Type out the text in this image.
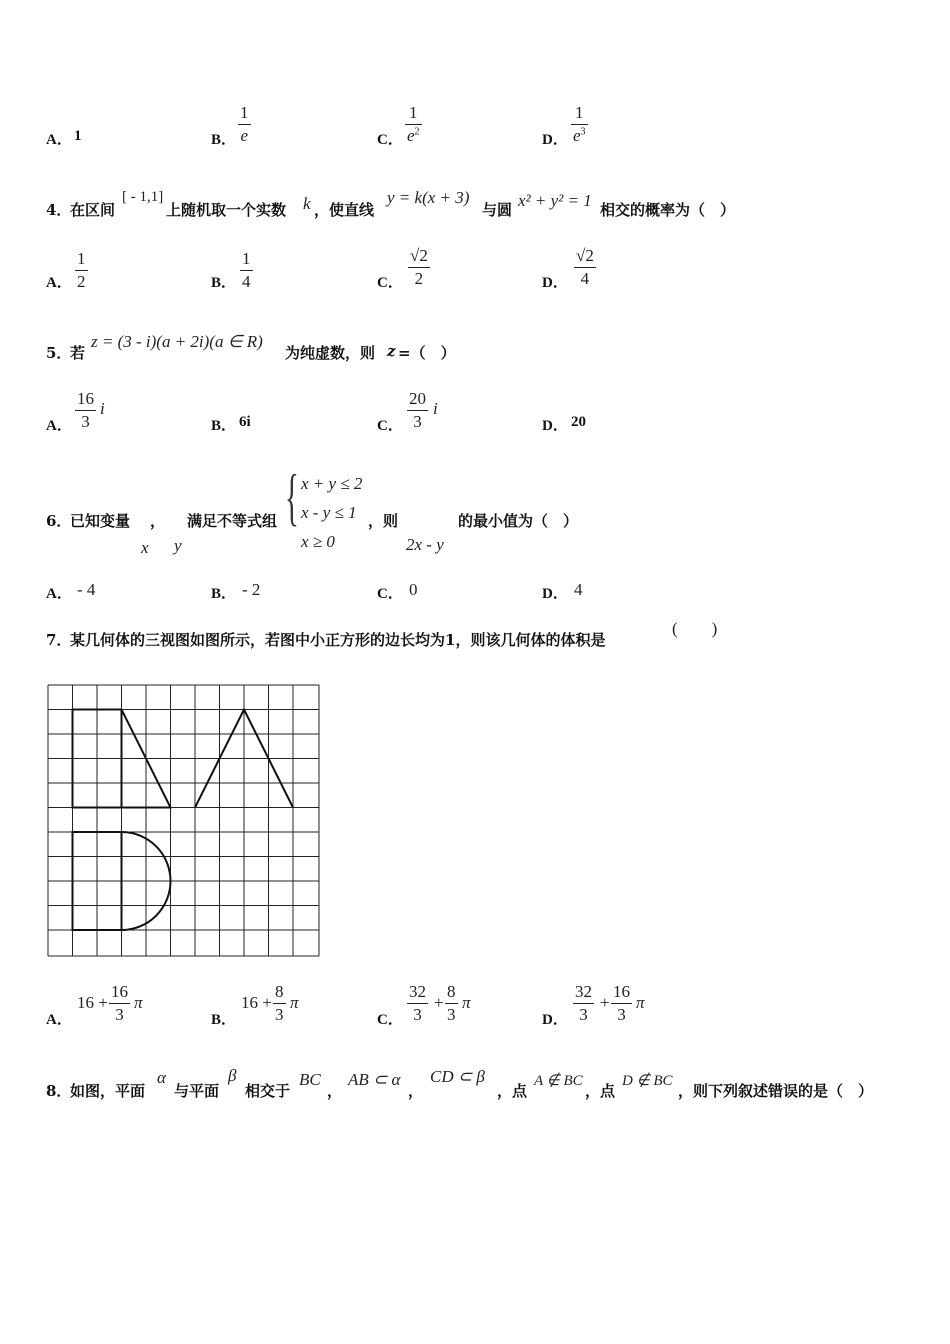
A． 1	B．
1
e	C．
1
$e^2$
D．
1
$e^3$
4．
在区间
[ - 1,1]
上随机取一个实数 k ，使直线
y = k(x + 3)
与圆 x² + y² = 1 相交的概率为（　）
A．
1
2	B．
1
4	C．
√2
2	D．
√2
4
5．
若
z = (3 - i)(a + 2i)(a ∈ R)
为纯虚数，则 z =（　）
A．
16
3
i
B． 6i	C．
20
3
i
D． 20
6．
已知变量 ， 满足不等式组
x y
{ x + y ≤ 2
x - y ≤ 1
x ≥ 0
，则
2x - y
的最小值为（　）
A． - 4	B． - 2	C． 0	D． 4
7．
某几何体的三视图如图所示，若图中小正方形的边长均为1，则该几何体的体积是
(　　)
A．
16 +
16
3
π
B．
16 +
8
3
π
C．
32
3
+
8
3
π
D．
32
3
+
16
3
π
8．
如图，平面
α
与平面
β
相交于
BC
，
AB ⊂ α
，
CD ⊂ β
，点
A ∉ BC
，点
D ∉ BC
，则下列叙述错误的是（　）
